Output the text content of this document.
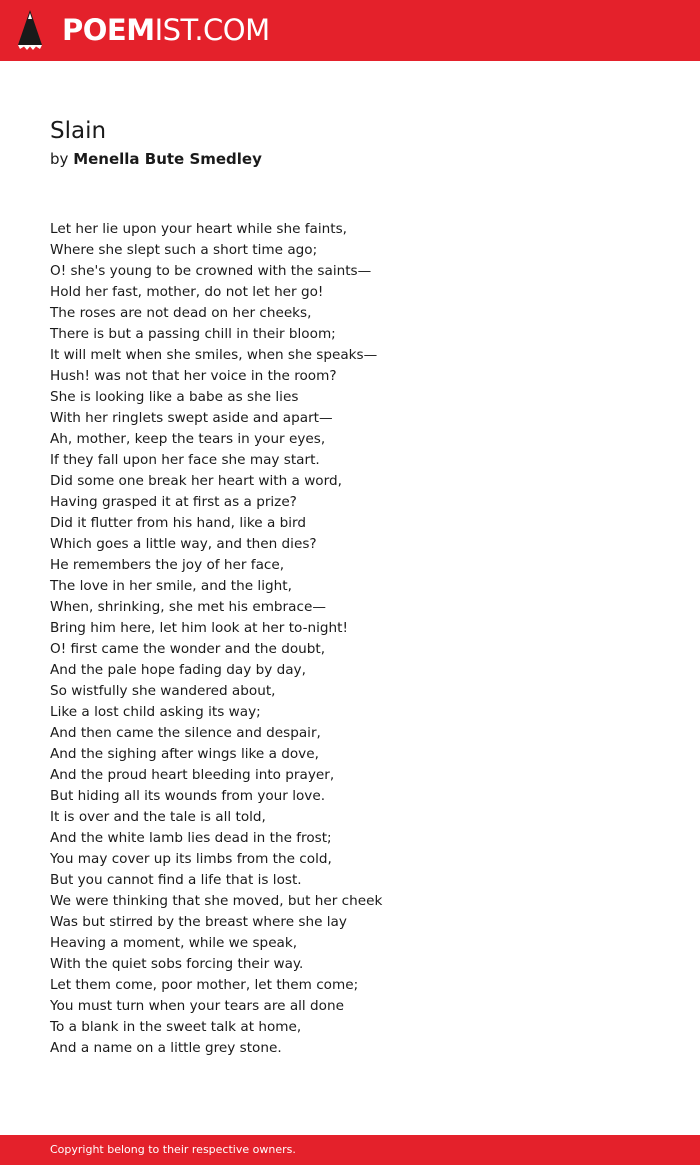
POEMIST.COM
Slain
by Menella Bute Smedley
Let her lie upon your heart while she faints,
Where she slept such a short time ago;
O! she's young to be crowned with the saints—
Hold her fast, mother, do not let her go!
The roses are not dead on her cheeks,
There is but a passing chill in their bloom;
It will melt when she smiles, when she speaks—
Hush! was not that her voice in the room?
She is looking like a babe as she lies
With her ringlets swept aside and apart—
Ah, mother, keep the tears in your eyes,
If they fall upon her face she may start.
Did some one break her heart with a word,
Having grasped it at first as a prize?
Did it flutter from his hand, like a bird
Which goes a little way, and then dies?
He remembers the joy of her face,
The love in her smile, and the light,
When, shrinking, she met his embrace—
Bring him here, let him look at her to-night!
O! first came the wonder and the doubt,
And the pale hope fading day by day,
So wistfully she wandered about,
Like a lost child asking its way;
And then came the silence and despair,
And the sighing after wings like a dove,
And the proud heart bleeding into prayer,
But hiding all its wounds from your love.
It is over and the tale is all told,
And the white lamb lies dead in the frost;
You may cover up its limbs from the cold,
But you cannot find a life that is lost.
We were thinking that she moved, but her cheek
Was but stirred by the breast where she lay
Heaving a moment, while we speak,
With the quiet sobs forcing their way.
Let them come, poor mother, let them come;
You must turn when your tears are all done
To a blank in the sweet talk at home,
And a name on a little grey stone.
Copyright belong to their respective owners.
